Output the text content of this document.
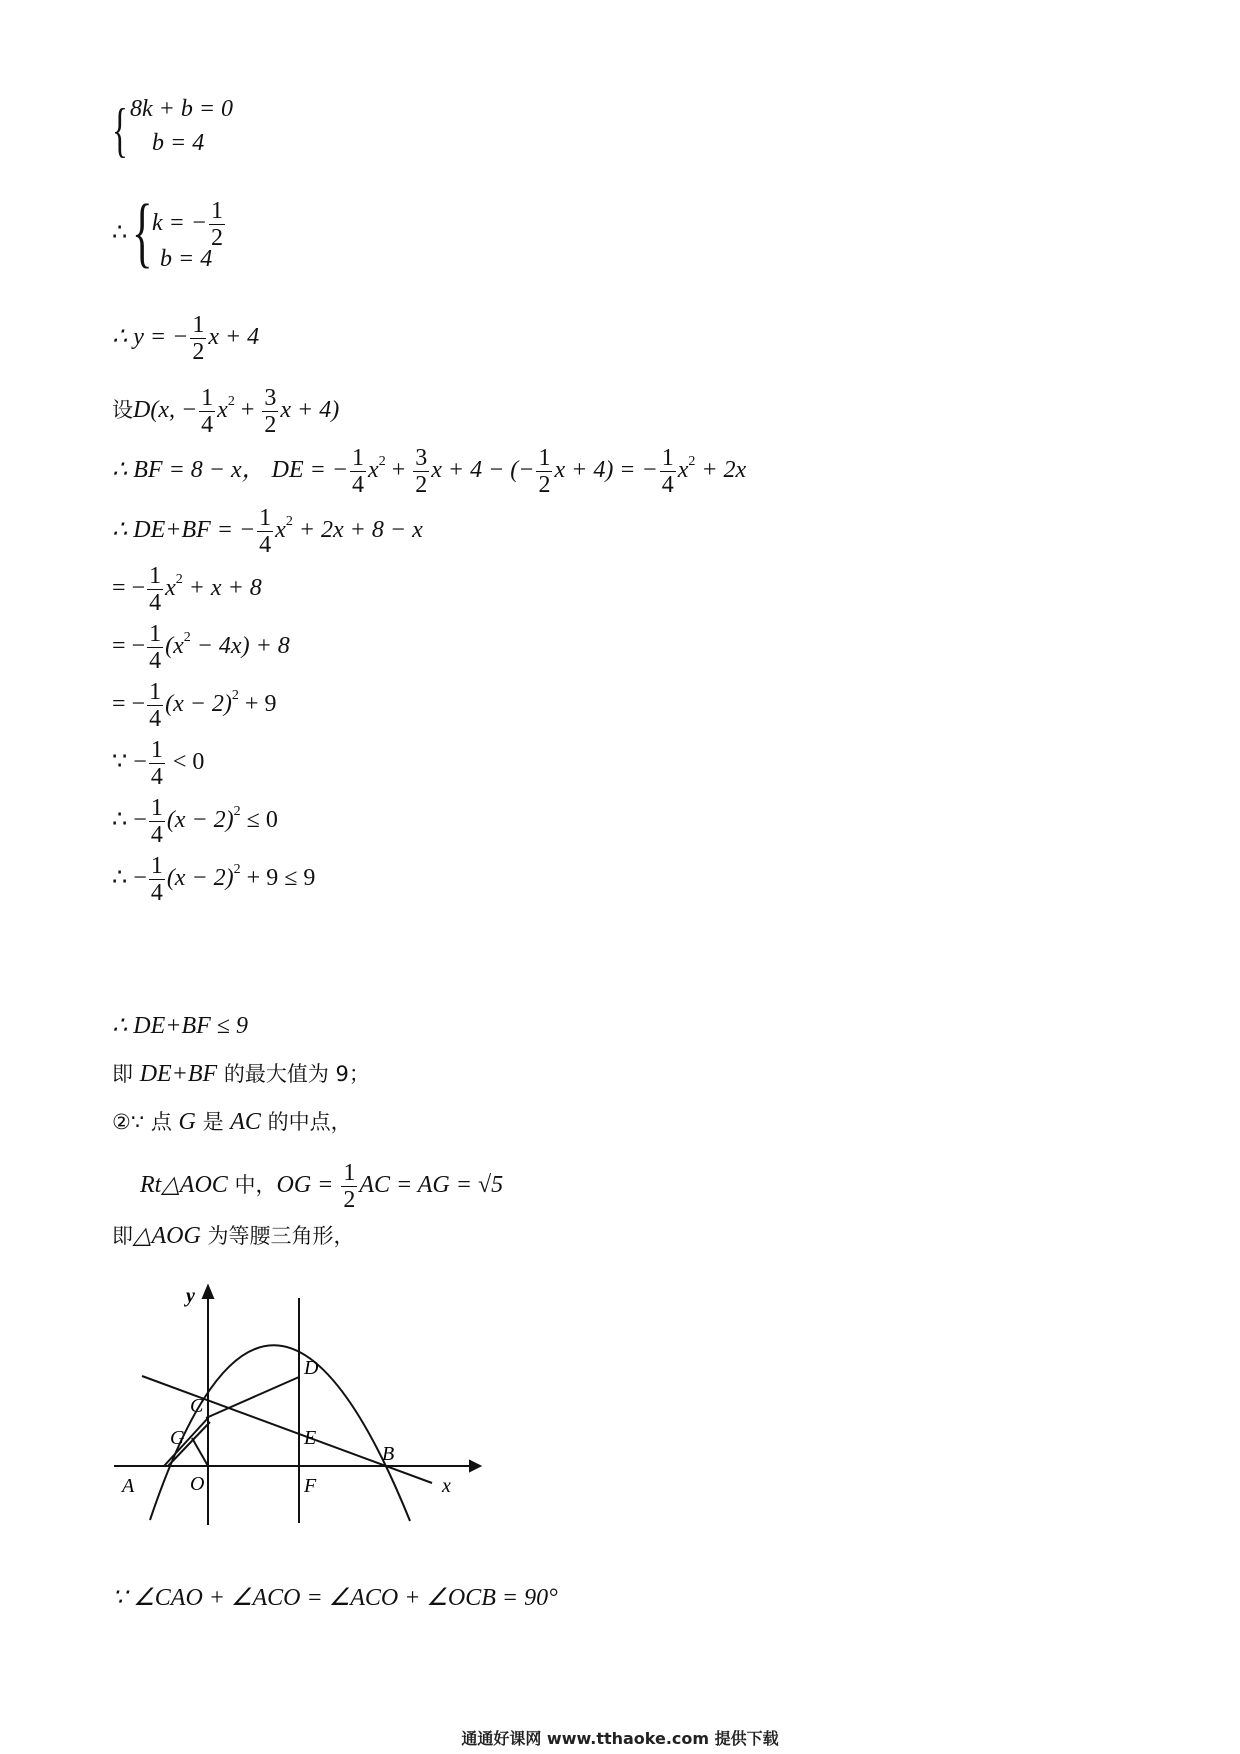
{ 8k + b = 0
b = 4
∴ { k = − $\frac{1}{2}$
b = 4
∴ y = − $\frac{1}{2}$ x + 4
设D(x, − $\frac{1}{4} x^2 + \frac{3}{2}$ x + 4)
∴ BF = 8 − x， DE = − $\frac{1}{4} x^2 + \frac{3}{2}$ x + 4 − (− $\frac{1}{2}$ x + 4) = − $\frac{1}{4} x^2 + 2x$
∴ DE+BF = − $\frac{1}{4} x^2 + 2x + 8 - x$
= − $\frac{1}{4} x^2 + x + 8$
= − $\frac{1}{4} (x^2 - 4x) + 8$
= − $\frac{1}{4} (x - 2)^2 + 9$
∵ − $\frac{1}{4} < 0$
∴ − $\frac{1}{4} (x - 2)^2 \le 0$
∴ − $\frac{1}{4} (x - 2)^2 + 9 \le 9$
∴ DE+BF ≤ 9
即 DE+BF 的最大值为 9；
②∵ 点 G 是 AC 的中点，
Rt△AOC 中，OG = $\frac{1}{2}$ AC = AG = √5
即△AOG 为等腰三角形，
y
x
A	O	F
B
C
G
D
E
∵ ∠CAO + ∠ACO = ∠ACO + ∠OCB = 90°
通通好课网 www.tthaoke.com 提供下载
